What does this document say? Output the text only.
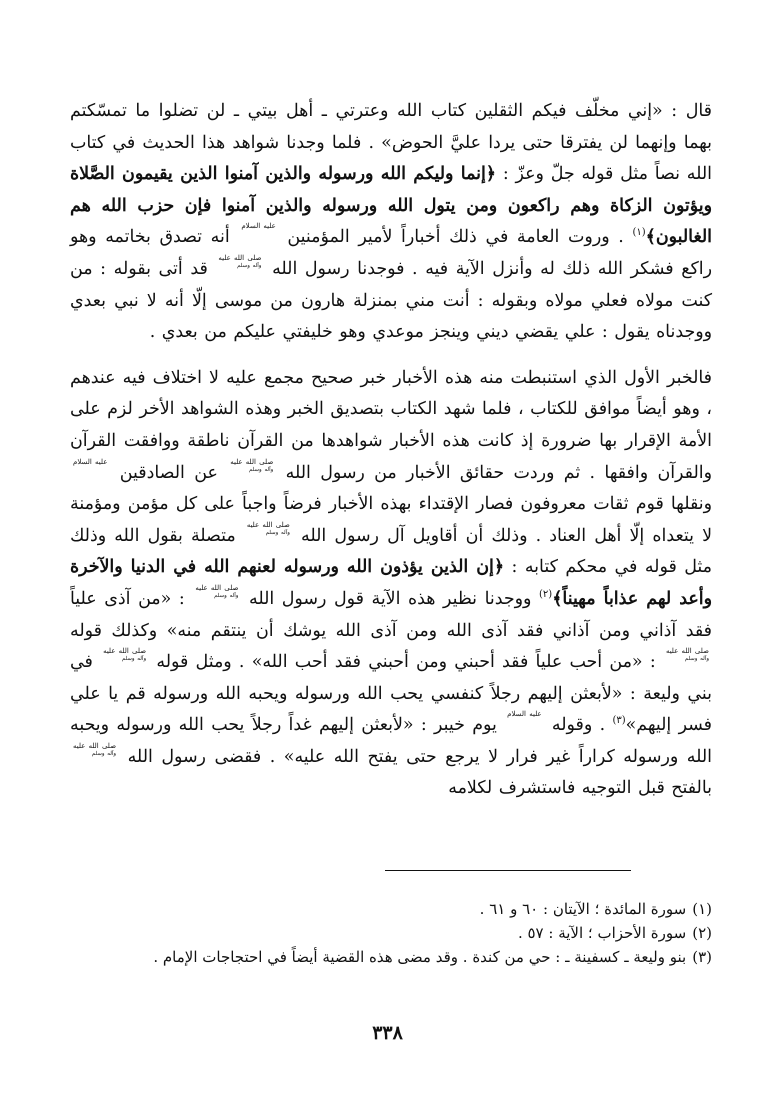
قال : «إني مخلّف فيكم الثقلين كتاب الله وعترتي ـ أهل بيتي ـ لن تضلوا ما تمسّكتم بهما وإنهما لن يفترقا حتى يردا عليَّ الحوض» . فلما وجدنا شواهد هذا الحديث في كتاب الله نصاً مثل قوله جلّ وعزّ : ﴿إنما وليكم الله ورسوله والذين آمنوا الذين يقيمون الصَّلاة ويؤتون الزكاة وهم راكعون ومن يتول الله ورسوله والذين آمنوا فإن حزب الله هم الغالبون﴾$^{(١)}$ . وروت العامة في ذلك أخباراً لأمير المؤمنين عليه السلام أنه تصدق بخاتمه وهو راكع فشكر الله ذلك له وأنزل الآية فيه . فوجدنا رسول الله صلى الله عليه
وآله وسلم
قد أتى بقوله : من كنت مولاه فعلي مولاه وبقوله : أنت مني بمنزلة هارون من موسى إلّا أنه لا نبي بعدي ووجدناه يقول : علي يقضي ديني وينجز موعدي وهو خليفتي عليكم من بعدي .

فالخبر الأول الذي استنبطت منه هذه الأخبار خبر صحيح مجمع عليه لا اختلاف فيه عندهم ، وهو أيضاً موافق للكتاب ، فلما شهد الكتاب بتصديق الخبر وهذه الشواهد الأخر لزم على الأمة الإقرار بها ضرورة إذ كانت هذه الأخبار شواهدها من القرآن ناطقة ووافقت القرآن والقرآن وافقها . ثم وردت حقائق الأخبار من رسول الله صلى الله عليه
وآله وسلم
عن الصادقين عليه السلام ونقلها قوم ثقات معروفون فصار الإقتداء بهذه الأخبار فرضاً واجباً على كل مؤمن ومؤمنة لا يتعداه إلّا أهل العناد . وذلك أن أقاويل آل رسول الله صلى الله عليه
وآله وسلم
متصلة بقول الله وذلك مثل قوله في محكم كتابه : ﴿إن الذين يؤذون الله ورسوله لعنهم الله في الدنيا والآخرة وأعد لهم عذاباً مهيناً﴾$^{(٢)}$ ووجدنا نظير هذه الآية قول رسول الله صلى الله عليه
وآله وسلم
: «من آذى علياً فقد آذاني ومن آذاني فقد آذى الله ومن آذى الله يوشك أن ينتقم منه» وكذلك قوله صلى الله عليه
وآله وسلم
: «من أحب علياً فقد أحبني ومن أحبني فقد أحب الله» . ومثل قوله صلى الله عليه
وآله وسلم
في بني وليعة : «لأبعثن إليهم رجلاً كنفسي يحب الله ورسوله ويحبه الله ورسوله قم يا علي فسر إليهم»$^{(٣)}$ . وقوله عليه السلام يوم خيبر : «لأبعثن إليهم غداً رجلاً يحب الله ورسوله ويحبه الله ورسوله كراراً غير فرار لا يرجع حتى يفتح الله عليه» . فقضى رسول الله صلى الله عليه
وآله وسلم
بالفتح قبل التوجيه فاستشرف لكلامه

(١)سورة المائدة ؛ الآيتان : ٦٠ و ٦١ .

(٢)سورة الأحزاب ؛ الآية : ٥٧ .

(٣)بنو وليعة ـ كسفينة ـ : حي من كندة . وقد مضى هذه القضية أيضاً في احتجاجات الإمام .

٣٣٨
